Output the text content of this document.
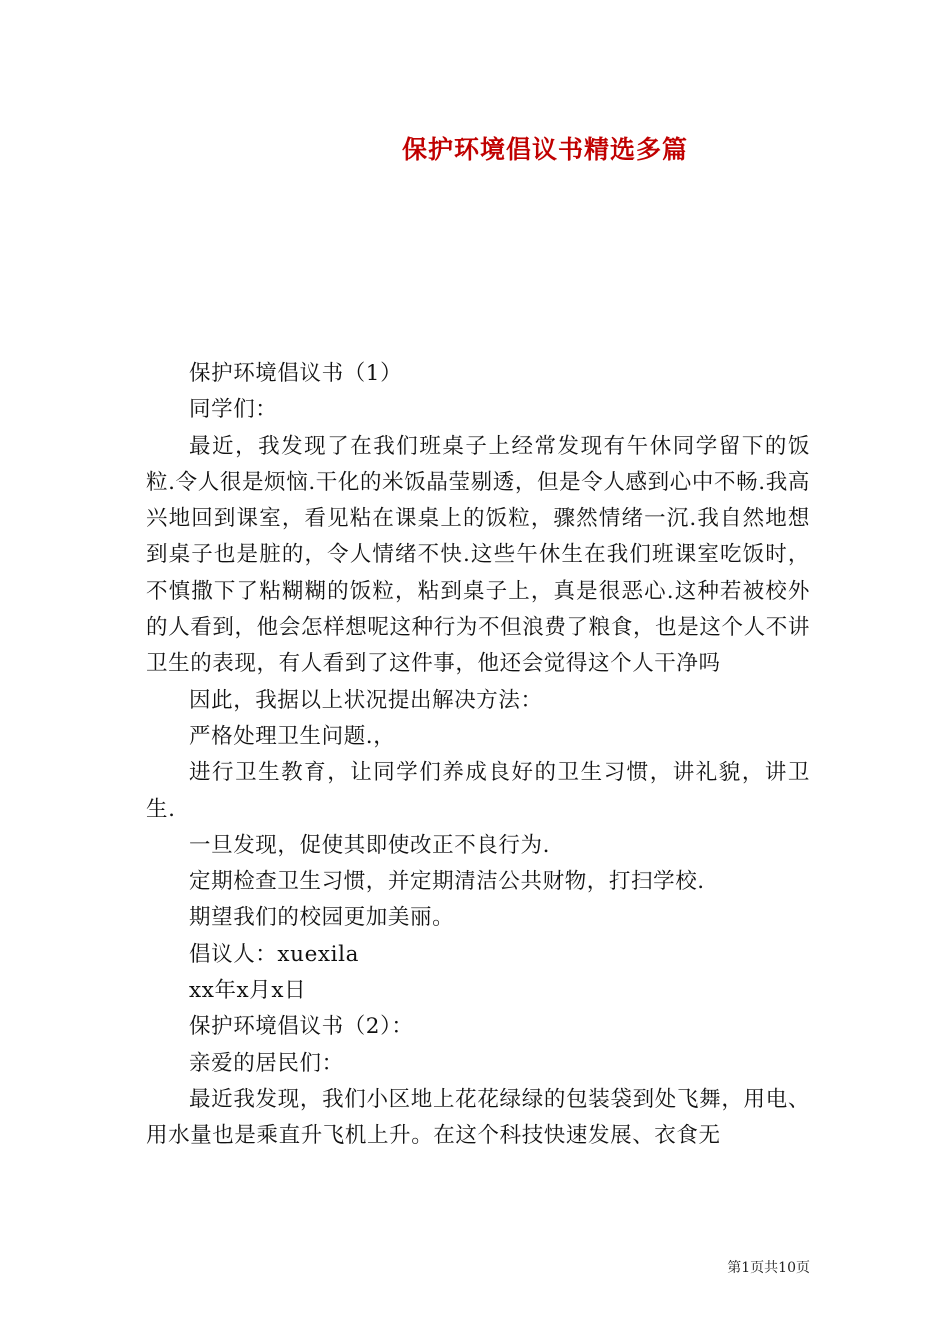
保护环境倡议书精选多篇

保护环境倡议书（1）

同学们：

最近，我发现了在我们班桌子上经常发现有午休同学留下的饭粒.令人很是烦恼.干化的米饭晶莹剔透，但是令人感到心中不畅.我高兴地回到课室，看见粘在课桌上的饭粒，骤然情绪一沉.我自然地想到桌子也是脏的，令人情绪不快.这些午休生在我们班课室吃饭时，不慎撒下了粘糊糊的饭粒，粘到桌子上，真是很恶心.这种若被校外的人看到，他会怎样想呢这种行为不但浪费了粮食，也是这个人不讲卫生的表现，有人看到了这件事，他还会觉得这个人干净吗

因此，我据以上状况提出解决方法：

严格处理卫生问题.，

进行卫生教育，让同学们养成良好的卫生习惯，讲礼貌，讲卫生.

一旦发现，促使其即使改正不良行为.

定期检查卫生习惯，并定期清洁公共财物，打扫学校.

期望我们的校园更加美丽。

倡议人：xuexila

xx年x月x日

保护环境倡议书（2）：

亲爱的居民们：

最近我发现，我们小区地上花花绿绿的包装袋到处飞舞，用电、用水量也是乘直升飞机上升。在这个科技快速发展、衣食无

第1页共10页
